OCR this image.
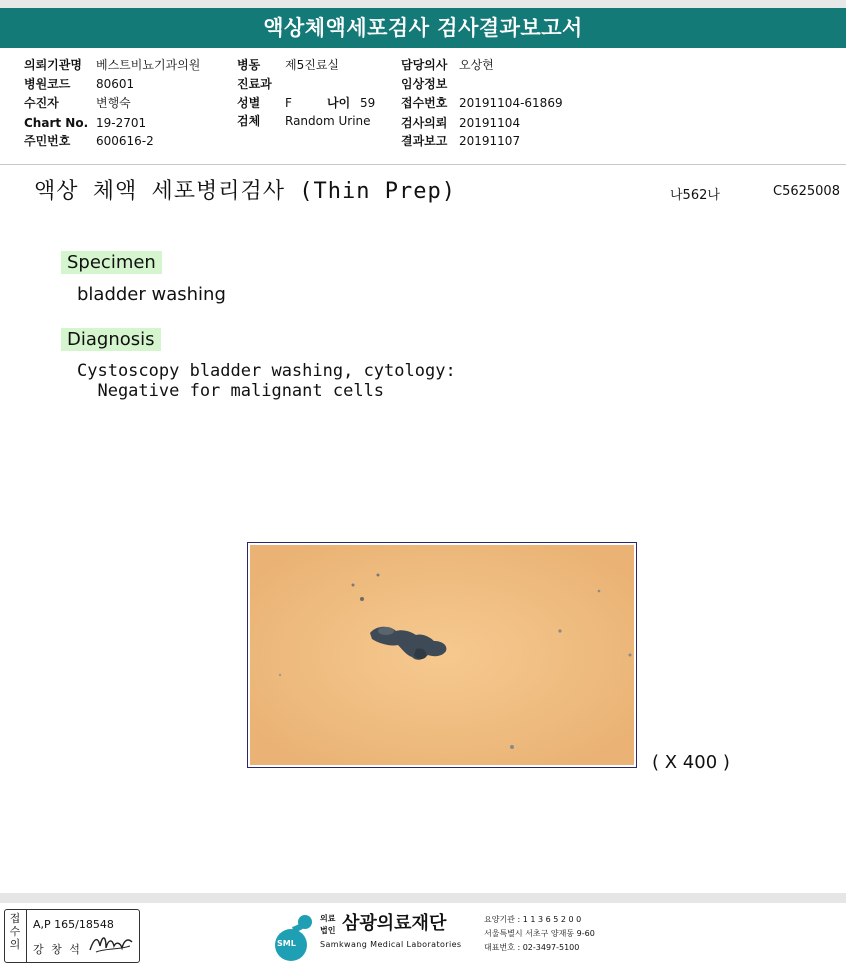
액상체액세포검사 검사결과보고서
의뢰기관명 베스트비뇨기과의원
병원코드 80601
수진자	변행숙
Chart No. 19-2701
주민번호 600616-2
병동 제5진료실
진료과
성별 F	나이 59
검체 Random Urine
담당의사 오상현
임상정보
접수번호 20191104-61869
검사의뢰 20191104
결과보고 20191107
액상 체액 세포병리검사 (Thin Prep)	나562나	C5625008
Specimen
bladder washing
Diagnosis
Cystoscopy bladder washing, cytology:
Negative for malignant cells
( X 400 )
접수
의
A,P 165/18548
강 창 석	SML
의료
법인 삼광의료재단
Samkwang Medical Laboratories
요양기관 : 1 1 3 6 5 2 0 0
서울특별시 서초구 양재동 9-60
대표번호 : 02-3497-5100
